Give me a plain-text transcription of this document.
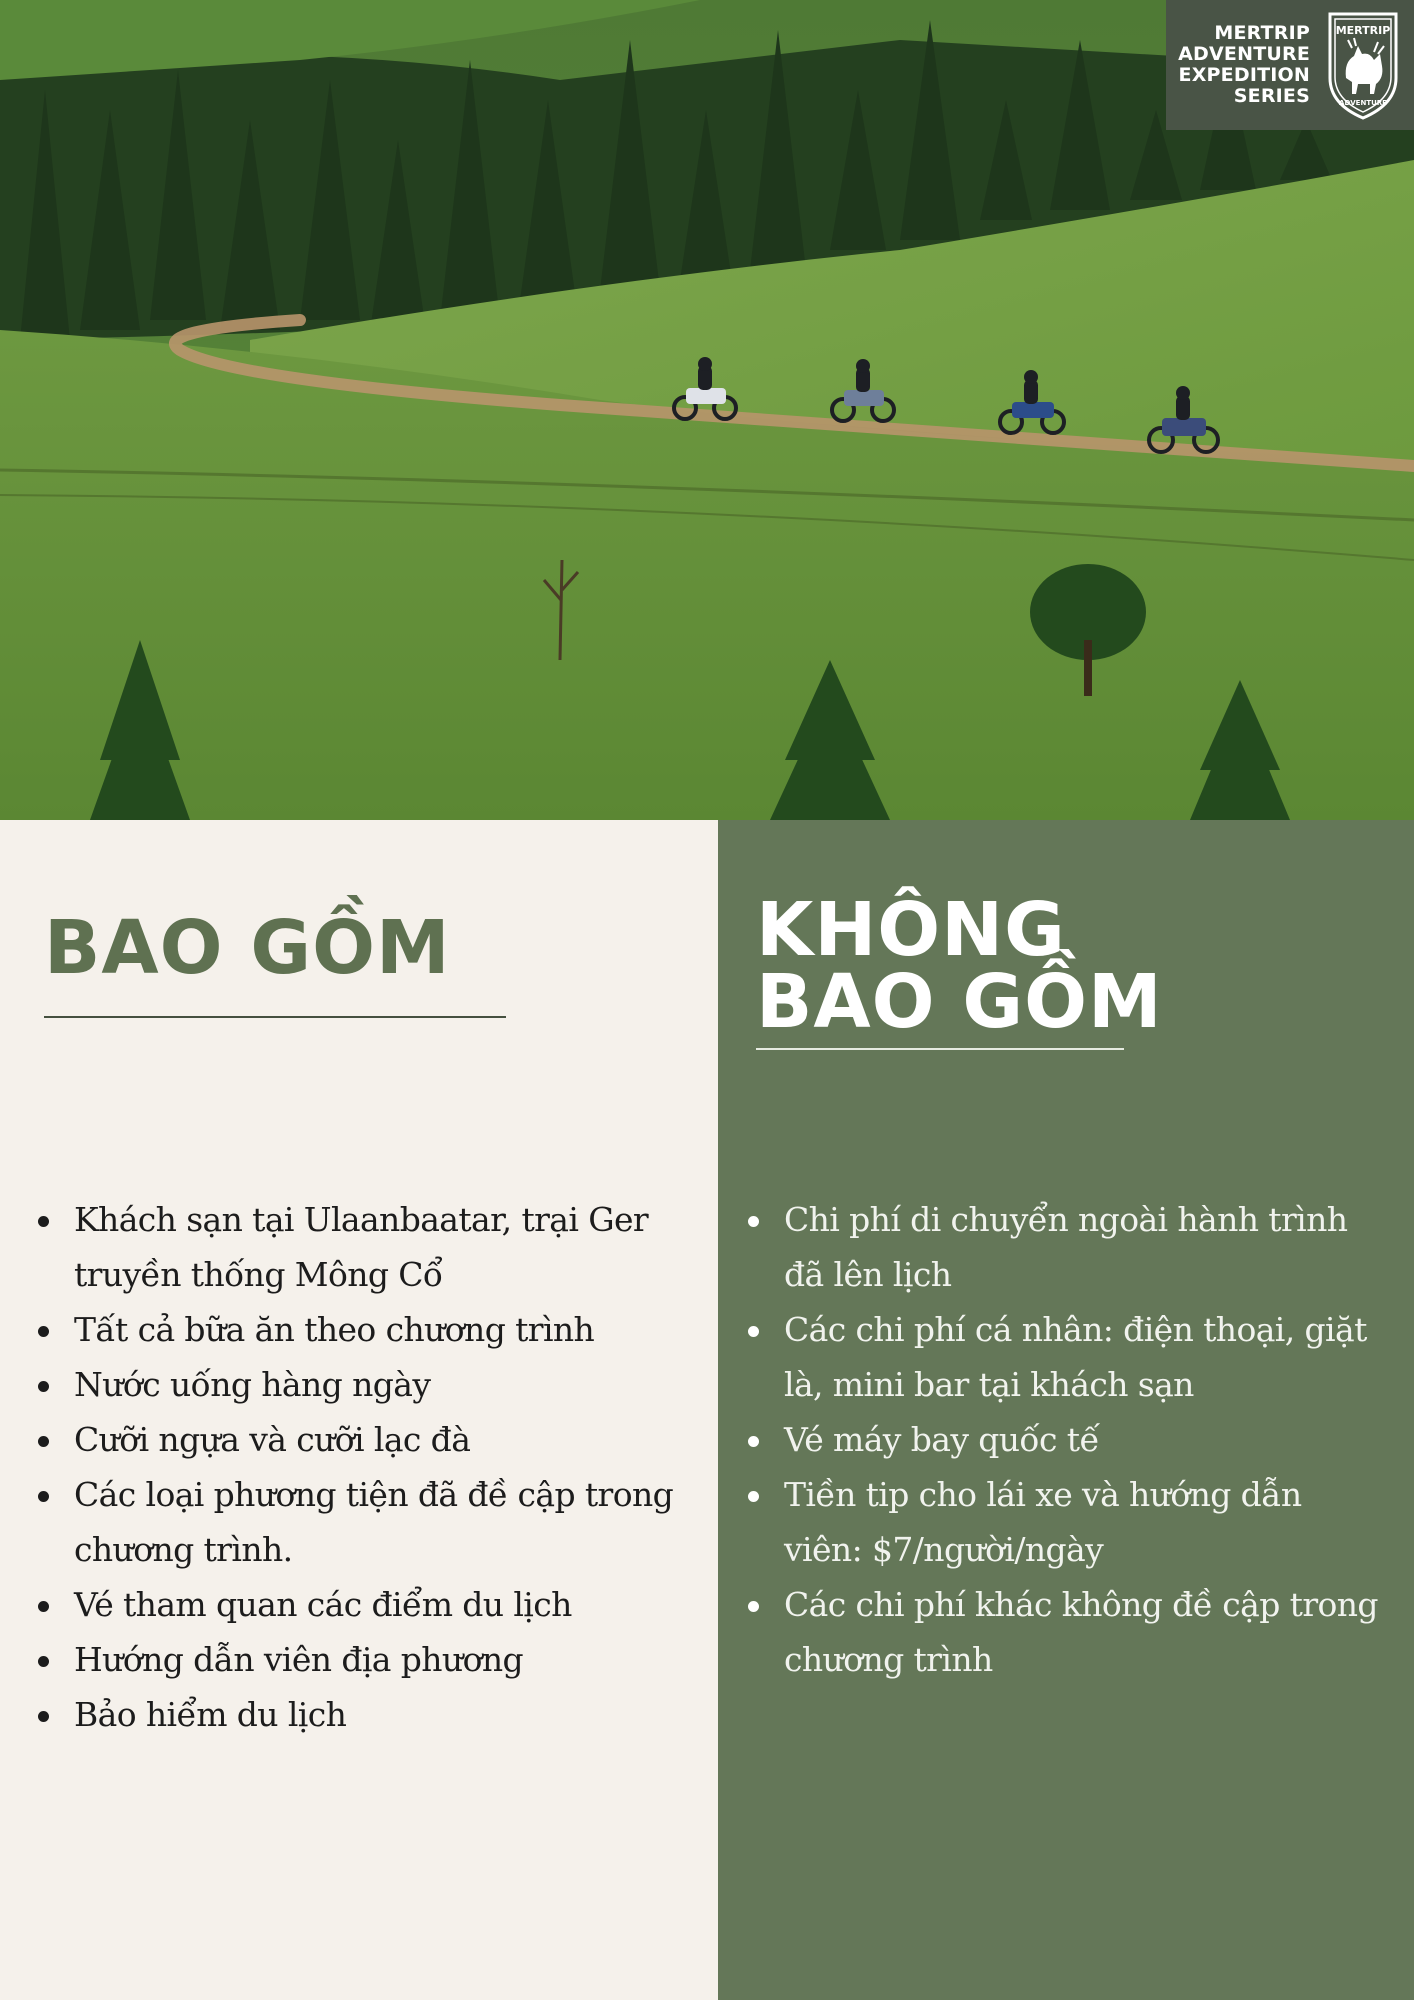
MERTRIP
ADVENTURE
EXPEDITION
SERIES
MERTRIP
ADVENTURE
BAO GỒM
Khách sạn tại Ulaanbaatar, trại Ger truyền thống Mông Cổ
Tất cả bữa ăn theo chương trình
Nước uống hàng ngày
Cưỡi ngựa và cưỡi lạc đà
Các loại phương tiện đã đề cập trong chương trình.
Vé tham quan các điểm du lịch
Hướng dẫn viên địa phương
Bảo hiểm du lịch
KHÔNG
BAO GỒM
Chi phí di chuyển ngoài hành trình đã lên lịch
Các chi phí cá nhân: điện thoại, giặt là, mini bar tại khách sạn
Vé máy bay quốc tế
Tiền tip cho lái xe và hướng dẫn viên: $7/người/ngày
Các chi phí khác không đề cập trong chương trình
